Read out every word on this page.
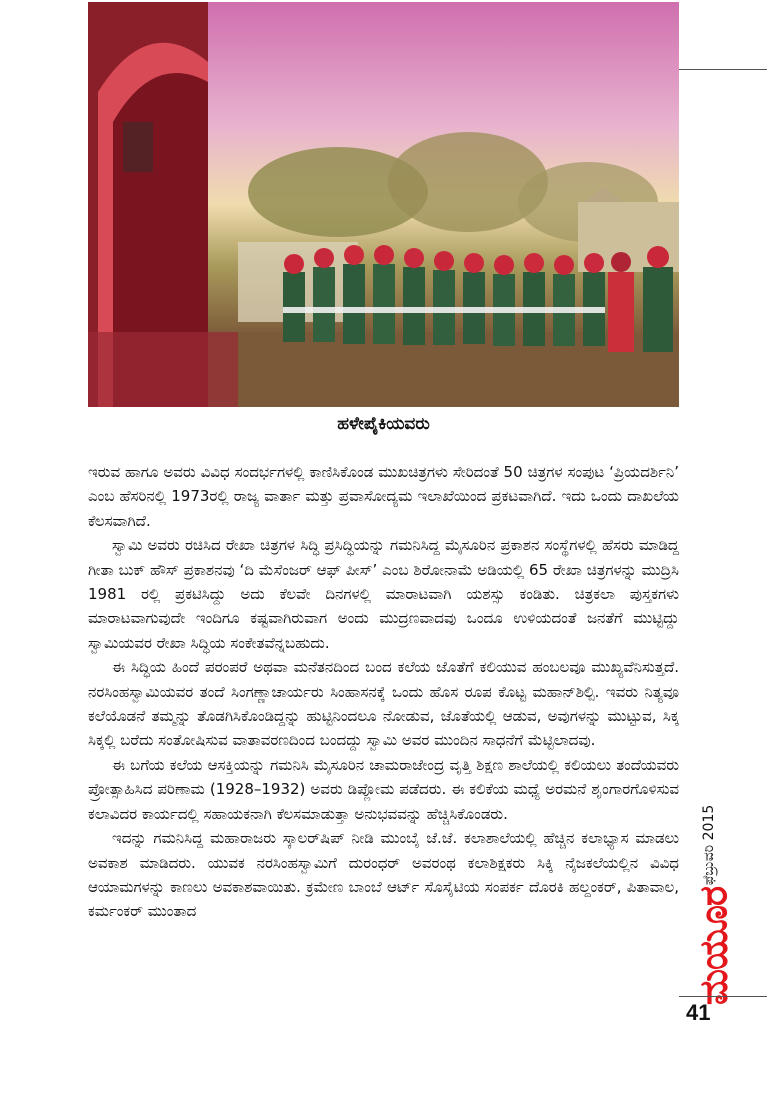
ಹಳೇಪೈಕಿಯವರು

ಇರುವ ಹಾಗೂ ಅವರು ವಿವಿಧ ಸಂದರ್ಭಗಳಲ್ಲಿ ಕಾಣಿಸಿಕೊಂಡ ಮುಖಚಿತ್ರಗಳು ಸೇರಿದಂತೆ 50 ಚಿತ್ರಗಳ ಸಂಪುಟ ‘ಪ್ರಿಯದರ್ಶಿನಿ’ ಎಂಬ ಹೆಸರಿನಲ್ಲಿ 1973ರಲ್ಲಿ ರಾಜ್ಯ ವಾರ್ತಾ ಮತ್ತು ಪ್ರವಾಸೋದ್ಯಮ ಇಲಾಖೆಯಿಂದ ಪ್ರಕಟವಾಗಿದೆ. ಇದು ಒಂದು ದಾಖಲೆಯ ಕೆಲಸವಾಗಿದೆ.

ಸ್ವಾಮಿ ಅವರು ರಚಿಸಿದ ರೇಖಾ ಚಿತ್ರಗಳ ಸಿದ್ಧಿ ಪ್ರಸಿದ್ಧಿಯನ್ನು ಗಮನಿಸಿದ್ದ ಮೈಸೂರಿನ ಪ್ರಕಾಶನ ಸಂಸ್ಥೆಗಳಲ್ಲಿ ಹೆಸರು ಮಾಡಿದ್ದ ಗೀತಾ ಬುಕ್ ಹೌಸ್ ಪ್ರಕಾಶನವು ‘ದಿ ಮೆಸೆಂಜರ್ ಆಫ್ ಪೀಸ್’ ಎಂಬ ಶಿರೋನಾಮೆ ಅಡಿಯಲ್ಲಿ 65 ರೇಖಾ ಚಿತ್ರಗಳನ್ನು ಮುದ್ರಿಸಿ 1981 ರಲ್ಲಿ ಪ್ರಕಟಿಸಿದ್ದು ಅದು ಕೆಲವೇ ದಿನಗಳಲ್ಲಿ ಮಾರಾಟವಾಗಿ ಯಶಸ್ಸು ಕಂಡಿತು. ಚಿತ್ರಕಲಾ ಪುಸ್ತಕಗಳು ಮಾರಾಟವಾಗುವುದೇ ಇಂದಿಗೂ ಕಷ್ಟವಾಗಿರುವಾಗ ಅಂದು ಮುದ್ರಣವಾದವು ಒಂದೂ ಉಳಿಯದಂತೆ ಜನತೆಗೆ ಮುಟ್ಟಿದ್ದು ಸ್ವಾಮಿಯವರ ರೇಖಾ ಸಿದ್ಧಿಯ ಸಂಕೇತವೆನ್ನಬಹುದು.

ಈ ಸಿದ್ಧಿಯ ಹಿಂದೆ ಪರಂಪರೆ ಅಥವಾ ಮನೆತನದಿಂದ ಬಂದ ಕಲೆಯ ಜೊತೆಗೆ ಕಲಿಯುವ ಹಂಬಲವೂ ಮುಖ್ಯವೆನಿಸುತ್ತದೆ. ನರಸಿಂಹಸ್ವಾಮಿಯವರ ತಂದೆ ಸಿಂಗಣ್ಣಾಚಾರ್ಯರು ಸಿಂಹಾಸನಕ್ಕೆ ಒಂದು ಹೊಸ ರೂಪ ಕೊಟ್ಟ ಮಹಾನ್‌ಶಿಲ್ಪಿ. ಇವರು ನಿತ್ಯವೂ ಕಲೆಯೊಡನೆ ತಮ್ಮನ್ನು ತೊಡಗಿಸಿಕೊಂಡಿದ್ದನ್ನು ಹುಟ್ಟಿನಿಂದಲೂ ನೋಡುವ, ಜೊತೆಯಲ್ಲಿ ಆಡುವ, ಅವುಗಳನ್ನು ಮುಟ್ಟುವ, ಸಿಕ್ಕ ಸಿಕ್ಕಲ್ಲಿ ಬರೆದು ಸಂತೋಷಿಸುವ ವಾತಾವರಣದಿಂದ ಬಂದದ್ದು ಸ್ವಾಮಿ ಅವರ ಮುಂದಿನ ಸಾಧನೆಗೆ ಮೆಟ್ಟಿಲಾದವು.

ಈ ಬಗೆಯ ಕಲೆಯ ಆಸಕ್ತಿಯನ್ನು ಗಮನಿಸಿ ಮೈಸೂರಿನ ಚಾಮರಾಜೇಂದ್ರ ವೃತ್ತಿ ಶಿಕ್ಷಣ ಶಾಲೆಯಲ್ಲಿ ಕಲಿಯಲು ತಂದೆಯವರು ಪ್ರೋತ್ಸಾಹಿಸಿದ ಪರಿಣಾಮ (1928–1932) ಅವರು ಡಿಪ್ಲೋಮ ಪಡೆದರು. ಈ ಕಲಿಕೆಯ ಮಧ್ಯೆ ಅರಮನೆ ಶೃಂಗಾರಗೊಳಿಸುವ ಕಲಾವಿದರ ಕಾರ್ಯದಲ್ಲಿ ಸಹಾಯಕನಾಗಿ ಕೆಲಸಮಾಡುತ್ತಾ ಅನುಭವವನ್ನು ಹೆಚ್ಚಿಸಿಕೊಂಡರು.

ಇದನ್ನು ಗಮನಿಸಿದ್ದ ಮಹಾರಾಜರು ಸ್ಕಾಲರ್‌ಷಿಪ್ ನೀಡಿ ಮುಂಬೈ ಜೆ.ಜೆ. ಕಲಾಶಾಲೆಯಲ್ಲಿ ಹೆಚ್ಚಿನ ಕಲಾಭ್ಯಾಸ ಮಾಡಲು ಅವಕಾಶ ಮಾಡಿದರು. ಯುವಕ ನರಸಿಂಹಸ್ವಾಮಿಗೆ ದುರಂಧರ್ ಅವರಂಥ ಕಲಾಶಿಕ್ಷಕರು ಸಿಕ್ಕಿ ನೈಜಕಲೆಯಲ್ಲಿನ ವಿವಿಧ ಆಯಾಮಗಳನ್ನು ಕಾಣಲು ಅವಕಾಶವಾಯಿತು. ಕ್ರಮೇಣ ಬಾಂಬೆ ಆರ್ಟ್ ಸೊಸೈಟಿಯ ಸಂಪರ್ಕ ದೊರಕಿ ಹಲ್ದಂಕರ್, ಪಿತಾವಾಲ, ಕರ್ಮಂಕರ್ ಮುಂತಾದ

ಫೆಬ್ರುವರಿ 2015
ಮಯೂರ
41
